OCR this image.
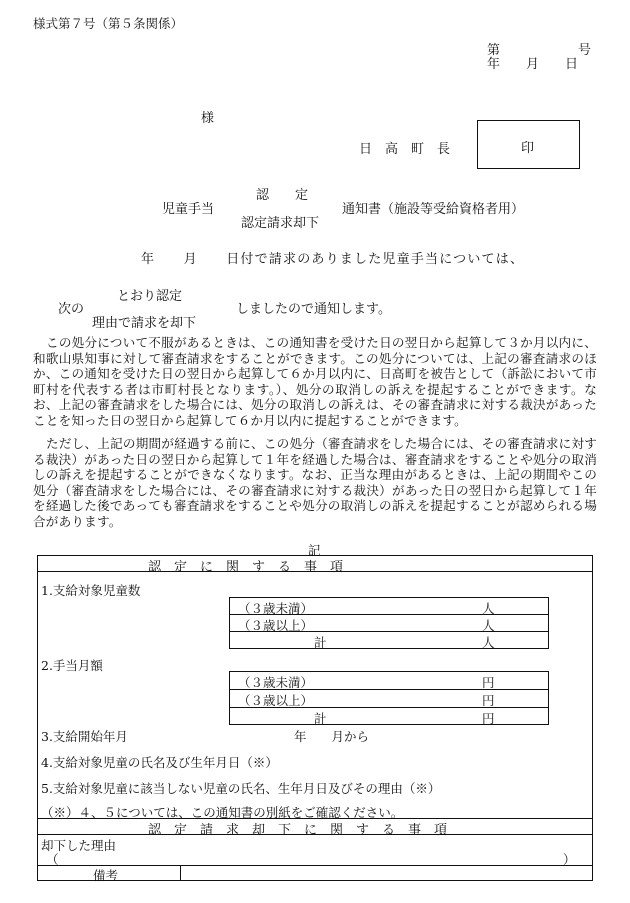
様式第７号（第５条関係）
第　　　　　　号
年　　月　　日
様
日　高　町　長	印
認　　定
児童手当	通知書（施設等受給資格者用）
認定請求却下
年　　月　　日付で請求のありました児童手当については、
とおり認定
次の	しましたので通知します。
理由で請求を却下
この処分について不服があるときは、この通知書を受けた日の翌日から起算して３か月以内に、和歌山県知事に対して審査請求をすることができます。この処分については、上記の審査請求のほか、この通知を受けた日の翌日から起算して６か月以内に、日高町を被告として（訴訟において市町村を代表する者は市町村長となります。）、処分の取消しの訴えを提起することができます。なお、上記の審査請求をした場合には、処分の取消しの訴えは、その審査請求に対する裁決があったことを知った日の翌日から起算して６か月以内に提起することができます。
ただし、上記の期間が経過する前に、この処分（審査請求をした場合には、その審査請求に対する裁決）があった日の翌日から起算して１年を経過した場合は、審査請求をすることや処分の取消しの訴えを提起することができなくなります。なお、正当な理由があるときは、上記の期間やこの処分（審査請求をした場合には、その審査請求に対する裁決）があった日の翌日から起算して１年を経過した後であっても審査請求をすることや処分の取消しの訴えを提起することが認められる場合があります。
記
認　定　に　関　す　る　事　項
1.支給対象児童数
（３歳未満）	人
（３歳以上）	人
計	人
2.手当月額
（３歳未満）	円
（３歳以上）	円
計	円
3.支給開始年月	年　　月から
4.支給対象児童の氏名及び生年月日（※）
5.支給対象児童に該当しない児童の氏名、生年月日及びその理由（※）
（※）４、５については、この通知書の別紙をご確認ください。
認　定　請　求　却　下　に　関　す　る　事　項
却下した理由
（	）
備考
